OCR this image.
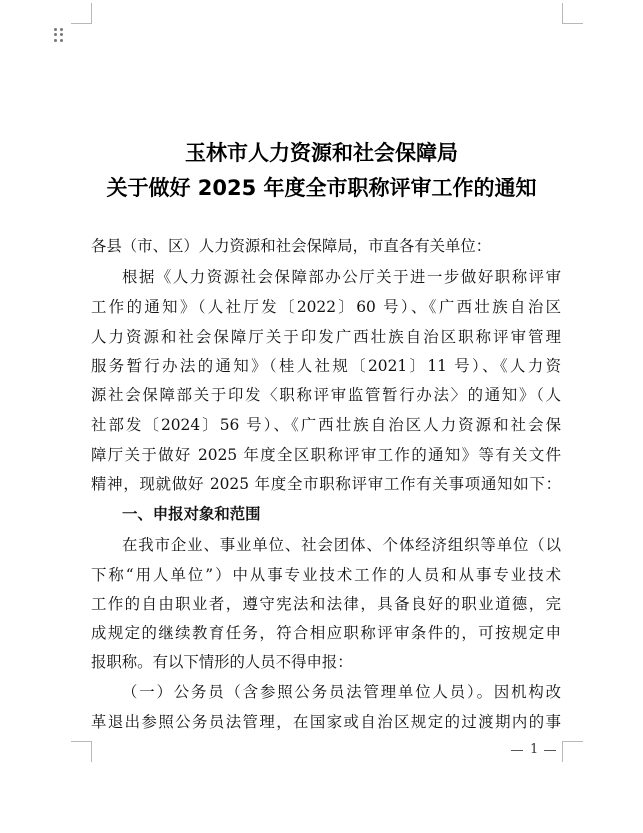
玉林市人力资源和社会保障局
关于做好 2025 年度全市职称评审工作的通知
各县（市、区）人力资源和社会保障局，市直各有关单位：
根据《人力资源社会保障部办公厅关于进一步做好职称评审
工作的通知》（人社厅发〔2022〕60 号）、《广西壮族自治区
人力资源和社会保障厅关于印发广西壮族自治区职称评审管理
服务暂行办法的通知》（桂人社规〔2021〕11 号）、《人力资
源社会保障部关于印发〈职称评审监管暂行办法〉的通知》（人
社部发〔2024〕56 号）、《广西壮族自治区人力资源和社会保
障厅关于做好 2025 年度全区职称评审工作的通知》等有关文件
精神，现就做好 2025 年度全市职称评审工作有关事项通知如下：
一、申报对象和范围
在我市企业、事业单位、社会团体、个体经济组织等单位（以
下称“用人单位”）中从事专业技术工作的人员和从事专业技术
工作的自由职业者，遵守宪法和法律，具备良好的职业道德，完
成规定的继续教育任务，符合相应职称评审条件的，可按规定申
报职称。有以下情形的人员不得申报：
（一）公务员（含参照公务员法管理单位人员）。因机构改
革退出参照公务员法管理，在国家或自治区规定的过渡期内的事
1
